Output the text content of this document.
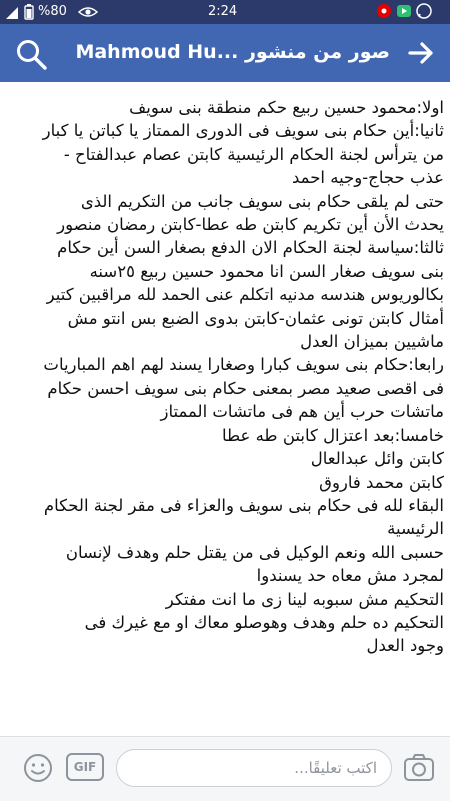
%80	2:24

صور من منشور ...Mahmoud Hu
اولا:محمود حسين ربيع حكم منطقة بنى سويف
ثانيا:أين حكام بنى سويف فى الدورى الممتاز يا كباتن يا كبار
من يترأس لجنة الحكام الرئيسية كابتن عصام عبدالفتاح -
عذب حجاج-وجيه احمد
حتى لم يلقى حكام بنى سويف جانب من التكريم الذى
يحدث الأن أين تكريم كابتن طه عطا-كابتن رمضان منصور
ثالثا:سياسة لجنة الحكام الان الدفع بصغار السن أين حكام
بنى سويف صغار السن انا محمود حسين ربيع ٢٥سنه
بكالوريوس هندسه مدنيه اتكلم عنى الحمد لله مراقبين كتير
أمثال كابتن تونى عثمان-كابتن بدوى الضبع بس انتو مش
ماشيين بميزان العدل
رابعا:حكام بنى سويف كبارا وصغارا يسند لهم اهم المباريات
فى اقصى صعيد مصر بمعنى حكام بنى سويف احسن حكام
ماتشات حرب أين هم فى ماتشات الممتاز
خامسا:بعد اعتزال كابتن طه عطا
كابتن وائل عبدالعال
كابتن محمد فاروق
البقاء لله فى حكام بنى سويف والعزاء فى مقر لجنة الحكام
الرئيسية
حسبى الله ونعم الوكيل فى من يقتل حلم وهدف لإنسان
لمجرد مش معاه حد يسندوا
التحكيم مش سبوبه لينا زى ما انت مفتكر
التحكيم ده حلم وهدف وهوصلو معاك او مع غيرك فى
وجود العدل
GIF	اكتب تعليقًا...
